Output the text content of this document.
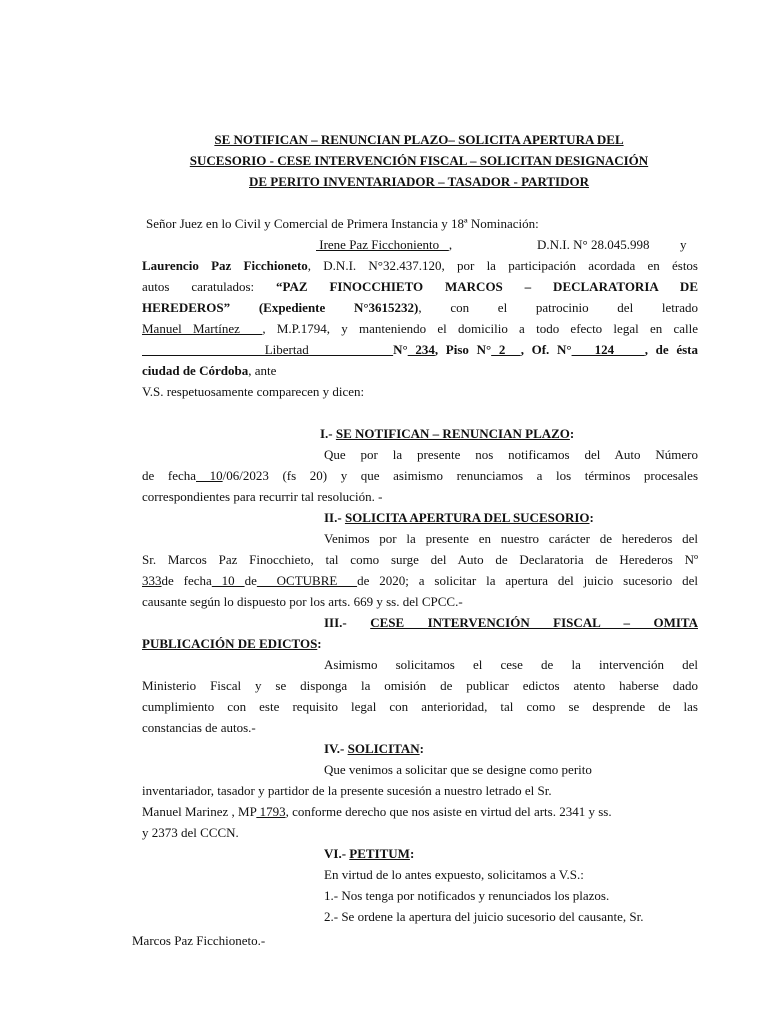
SE NOTIFICAN – RENUNCIAN PLAZO– SOLICITA APERTURA DEL
SUCESORIO - CESE INTERVENCIÓN FISCAL – SOLICITAN DESIGNACIÓN
DE PERITO INVENTARIADOR – TASADOR - PARTIDOR
Señor Juez en lo Civil y Comercial de Primera Instancia y 18ª Nominación:
Irene Paz Ficchoniento   ,	D.N.I. N° 28.045.998 y
Laurencio Paz Ficchioneto, D.N.I. N°32.437.120, por la participación acordada en éstos
autos caratulados: “PAZ FINOCCHIETO MARCOS – DECLARATORIA DE
HEREDEROS” (Expediente N°3615232), con el patrocinio del letrado
Manuel Martínez  , M.P.1794, y manteniendo el domicilio a todo efecto legal en calle
Libertad           N° 234, Piso N° 2  , Of. N°   124    , de ésta
ciudad de Córdoba, ante
V.S. respetuosamente comparecen y dicen:
I.- SE NOTIFICAN – RENUNCIAN PLAZO:
Que por la presente nos notificamos del Auto Número
de fecha 10/06/2023 (fs 20) y que asimismo renunciamos a los términos procesales
correspondientes para recurrir tal resolución. -
II.- SOLICITA APERTURA DEL SUCESORIO:
Venimos por la presente en nuestro carácter de herederos del
Sr. Marcos Paz Finocchieto, tal como surge del Auto de Declaratoria de Herederos Nº
333de fecha 10 de  OCTUBRE  de 2020; a solicitar la apertura del juicio sucesorio del
causante según lo dispuesto por los arts. 669 y ss. del CPCC.-
III.- CESE INTERVENCIÓN FISCAL – OMITA
PUBLICACIÓN DE EDICTOS:
Asimismo solicitamos el cese de la intervención del
Ministerio Fiscal y se disponga la omisión de publicar edictos atento haberse dado
cumplimiento con este requisito legal con anterioridad, tal como se desprende de las
constancias de autos.-
IV.- SOLICITAN:
Que venimos a solicitar que se designe como perito
inventariador, tasador y partidor de la presente sucesión a nuestro letrado el Sr.
Manuel Marinez , MP 1793, conforme derecho que nos asiste en virtud del arts. 2341 y ss.
y 2373 del CCCN.
VI.- PETITUM:
En virtud de lo antes expuesto, solicitamos a V.S.:
1.- Nos tenga por notificados y renunciados los plazos.
2.- Se ordene la apertura del juicio sucesorio del causante, Sr.
Marcos Paz Ficchioneto.-
